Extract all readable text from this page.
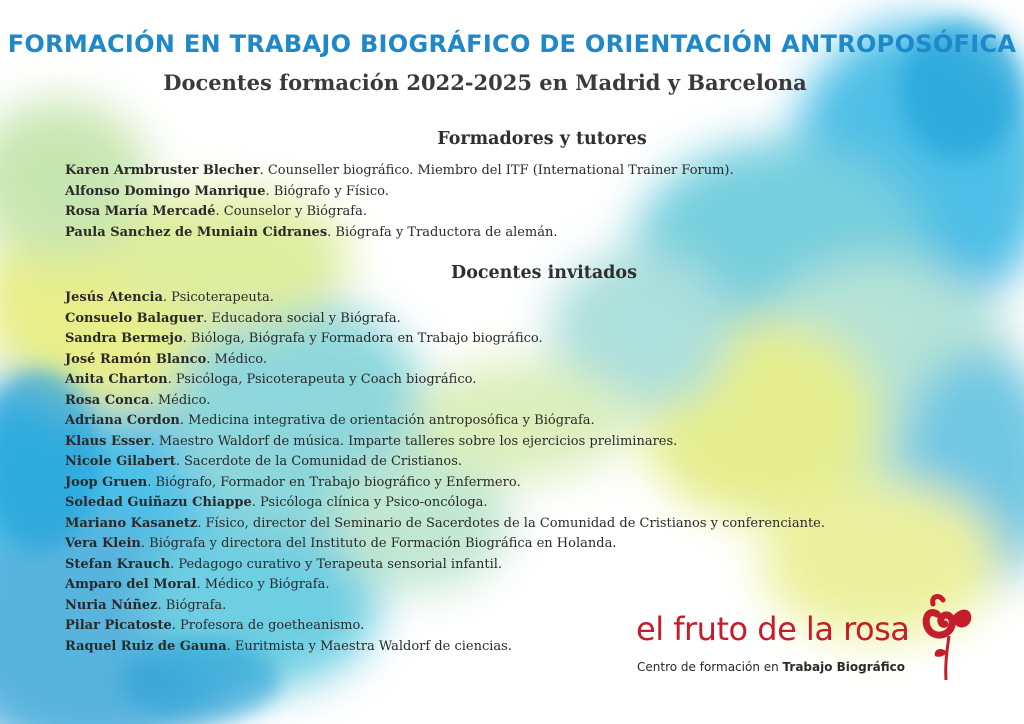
FORMACIÓN EN TRABAJO BIOGRÁFICO DE ORIENTACIÓN ANTROPOSÓFICA
Docentes formación 2022-2025 en Madrid y Barcelona
Formadores y tutores
Karen Armbruster Blecher. Counseller biográfico. Miembro del ITF (International Trainer Forum).
Alfonso Domingo Manrique. Biógrafo y Físico.
Rosa María Mercadé. Counselor y Biógrafa.
Paula Sanchez de Muniain Cidranes. Biógrafa y Traductora de alemán.
Docentes invitados
Jesús Atencia. Psicoterapeuta.
Consuelo Balaguer. Educadora social y Biógrafa.
Sandra Bermejo. Bióloga, Biógrafa y Formadora en Trabajo biográfico.
José Ramón Blanco. Médico.
Anita Charton. Psicóloga, Psicoterapeuta y Coach biográfico.
Rosa Conca. Médico.
Adriana Cordon. Medicina integrativa de orientación antroposófica y Biógrafa.
Klaus Esser. Maestro Waldorf de música. Imparte talleres sobre los ejercicios preliminares.
Nicole Gilabert. Sacerdote de la Comunidad de Cristianos.
Joop Gruen. Biógrafo, Formador en Trabajo biográfico y Enfermero.
Soledad Guiñazu Chiappe. Psicóloga clínica y Psico-oncóloga.
Mariano Kasanetz. Físico, director del Seminario de Sacerdotes de la Comunidad de Cristianos y conferenciante.
Vera Klein. Biógrafa y directora del Instituto de Formación Biográfica en Holanda.
Stefan Krauch. Pedagogo curativo y Terapeuta sensorial infantil.
Amparo del Moral. Médico y Biógrafa.
Nuria Núñez. Biógrafa.
Pilar Picatoste. Profesora de goetheanismo.
Raquel Ruiz de Gauna. Euritmista y Maestra Waldorf de ciencias.	el fruto de la rosa
Centro de formación en Trabajo Biográfico
